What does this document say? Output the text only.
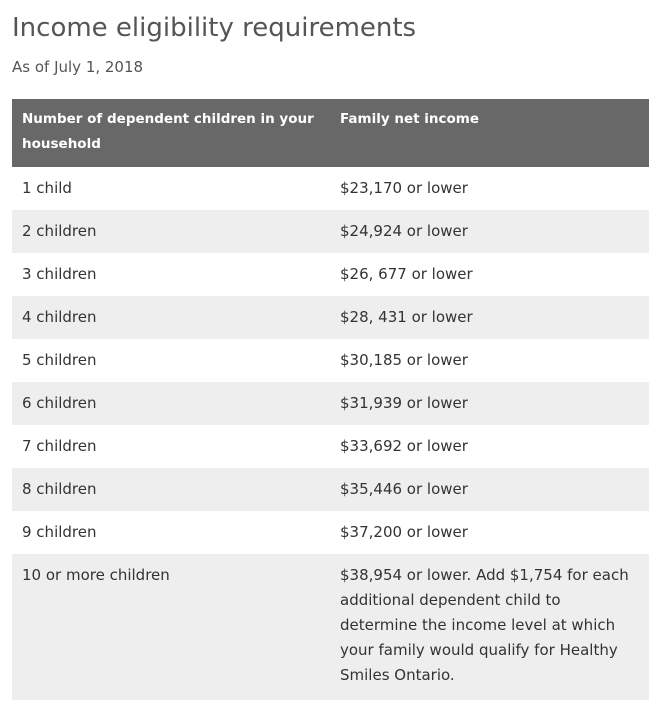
Income eligibility requirements

As of July 1, 2018

Number of dependent children in your household	Family net income
1 child	$23,170 or lower
2 children	$24,924 or lower
3 children	$26, 677 or lower
4 children	$28, 431 or lower
5 children	$30,185 or lower
6 children	$31,939 or lower
7 children	$33,692 or lower
8 children	$35,446 or lower
9 children	$37,200 or lower
10 or more children	$38,954 or lower. Add $1,754 for each additional dependent child to determine the income level at which your family would qualify for Healthy Smiles Ontario.
